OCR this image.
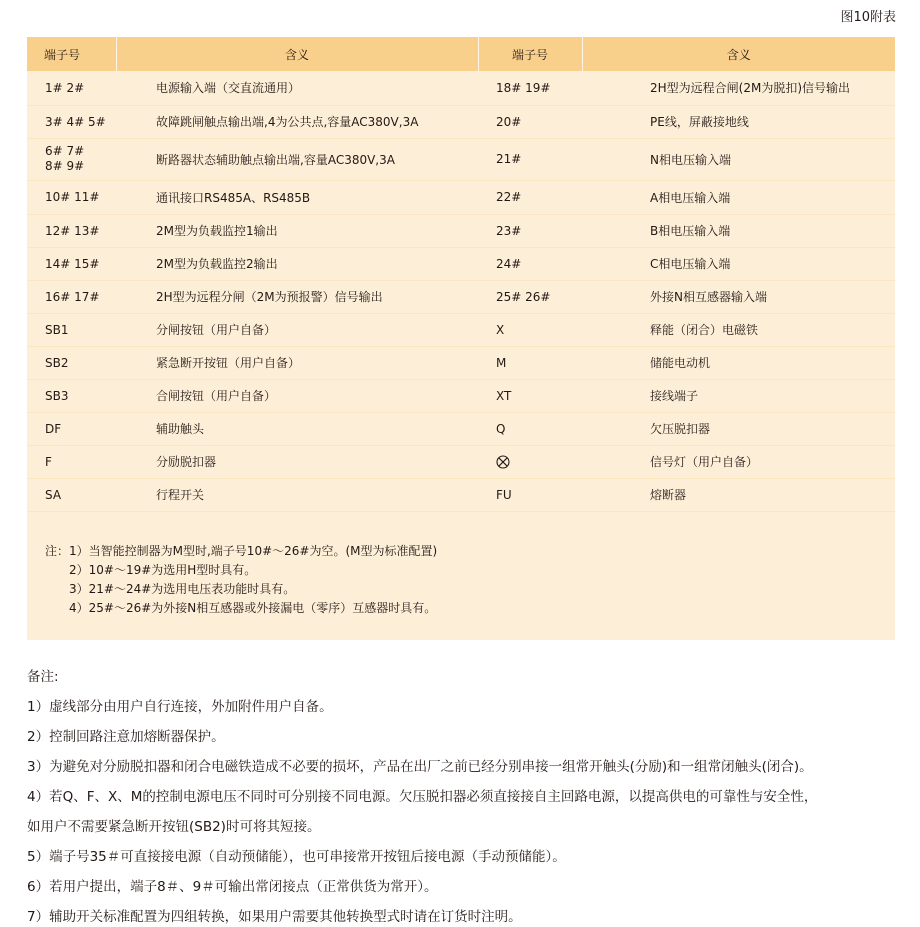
图10附表
端子号	含义	端子号	含义
1# 2#	电源输入端（交直流通用）	18# 19#	2H型为远程合闸(2M为脱扣)信号输出
3# 4# 5#	故障跳闸触点输出端,4为公共点,容量AC380V,3A	20#	PE线，屏蔽接地线
6# 7#
8# 9#	断路器状态辅助触点输出端,容量AC380V,3A	21#	N相电压输入端
10# 11#	通讯接口RS485A、RS485B	22#	A相电压输入端
12# 13#	2M型为负载监控1输出	23#	B相电压输入端
14# 15#	2M型为负载监控2输出	24#	C相电压输入端
16# 17#	2H型为远程分闸（2M为预报警）信号输出	25# 26#	外接N相互感器输入端
SB1	分闸按钮（用户自备）	X	释能（闭合）电磁铁
SB2	紧急断开按钮（用户自备）	M	储能电动机
SB3	合闸按钮（用户自备）	XT	接线端子
DF	辅助触头	Q	欠压脱扣器
F	分励脱扣器		信号灯（用户自备）
SA	行程开关	FU	熔断器
注：1）当智能控制器为M型时,端子号10#～26#为空。(M型为标准配置)
2）10#～19#为选用H型时具有。
3）21#～24#为选用电压表功能时具有。
4）25#～26#为外接N相互感器或外接漏电（零序）互感器时具有。
备注:
1）虚线部分由用户自行连接，外加附件用户自备。
2）控制回路注意加熔断器保护。
3）为避免对分励脱扣器和闭合电磁铁造成不必要的损坏，产品在出厂之前已经分别串接一组常开触头(分励)和一组常闭触头(闭合)。
4）若Q、F、X、M的控制电源电压不同时可分别接不同电源。欠压脱扣器必须直接接自主回路电源，以提高供电的可靠性与安全性，
如用户不需要紧急断开按钮(SB2)时可将其短接。
5）端子号35＃可直接接电源（自动预储能），也可串接常开按钮后接电源（手动预储能）。
6）若用户提出，端子8＃、9＃可输出常闭接点（正常供货为常开）。
7）辅助开关标准配置为四组转换，如果用户需要其他转换型式时请在订货时注明。
